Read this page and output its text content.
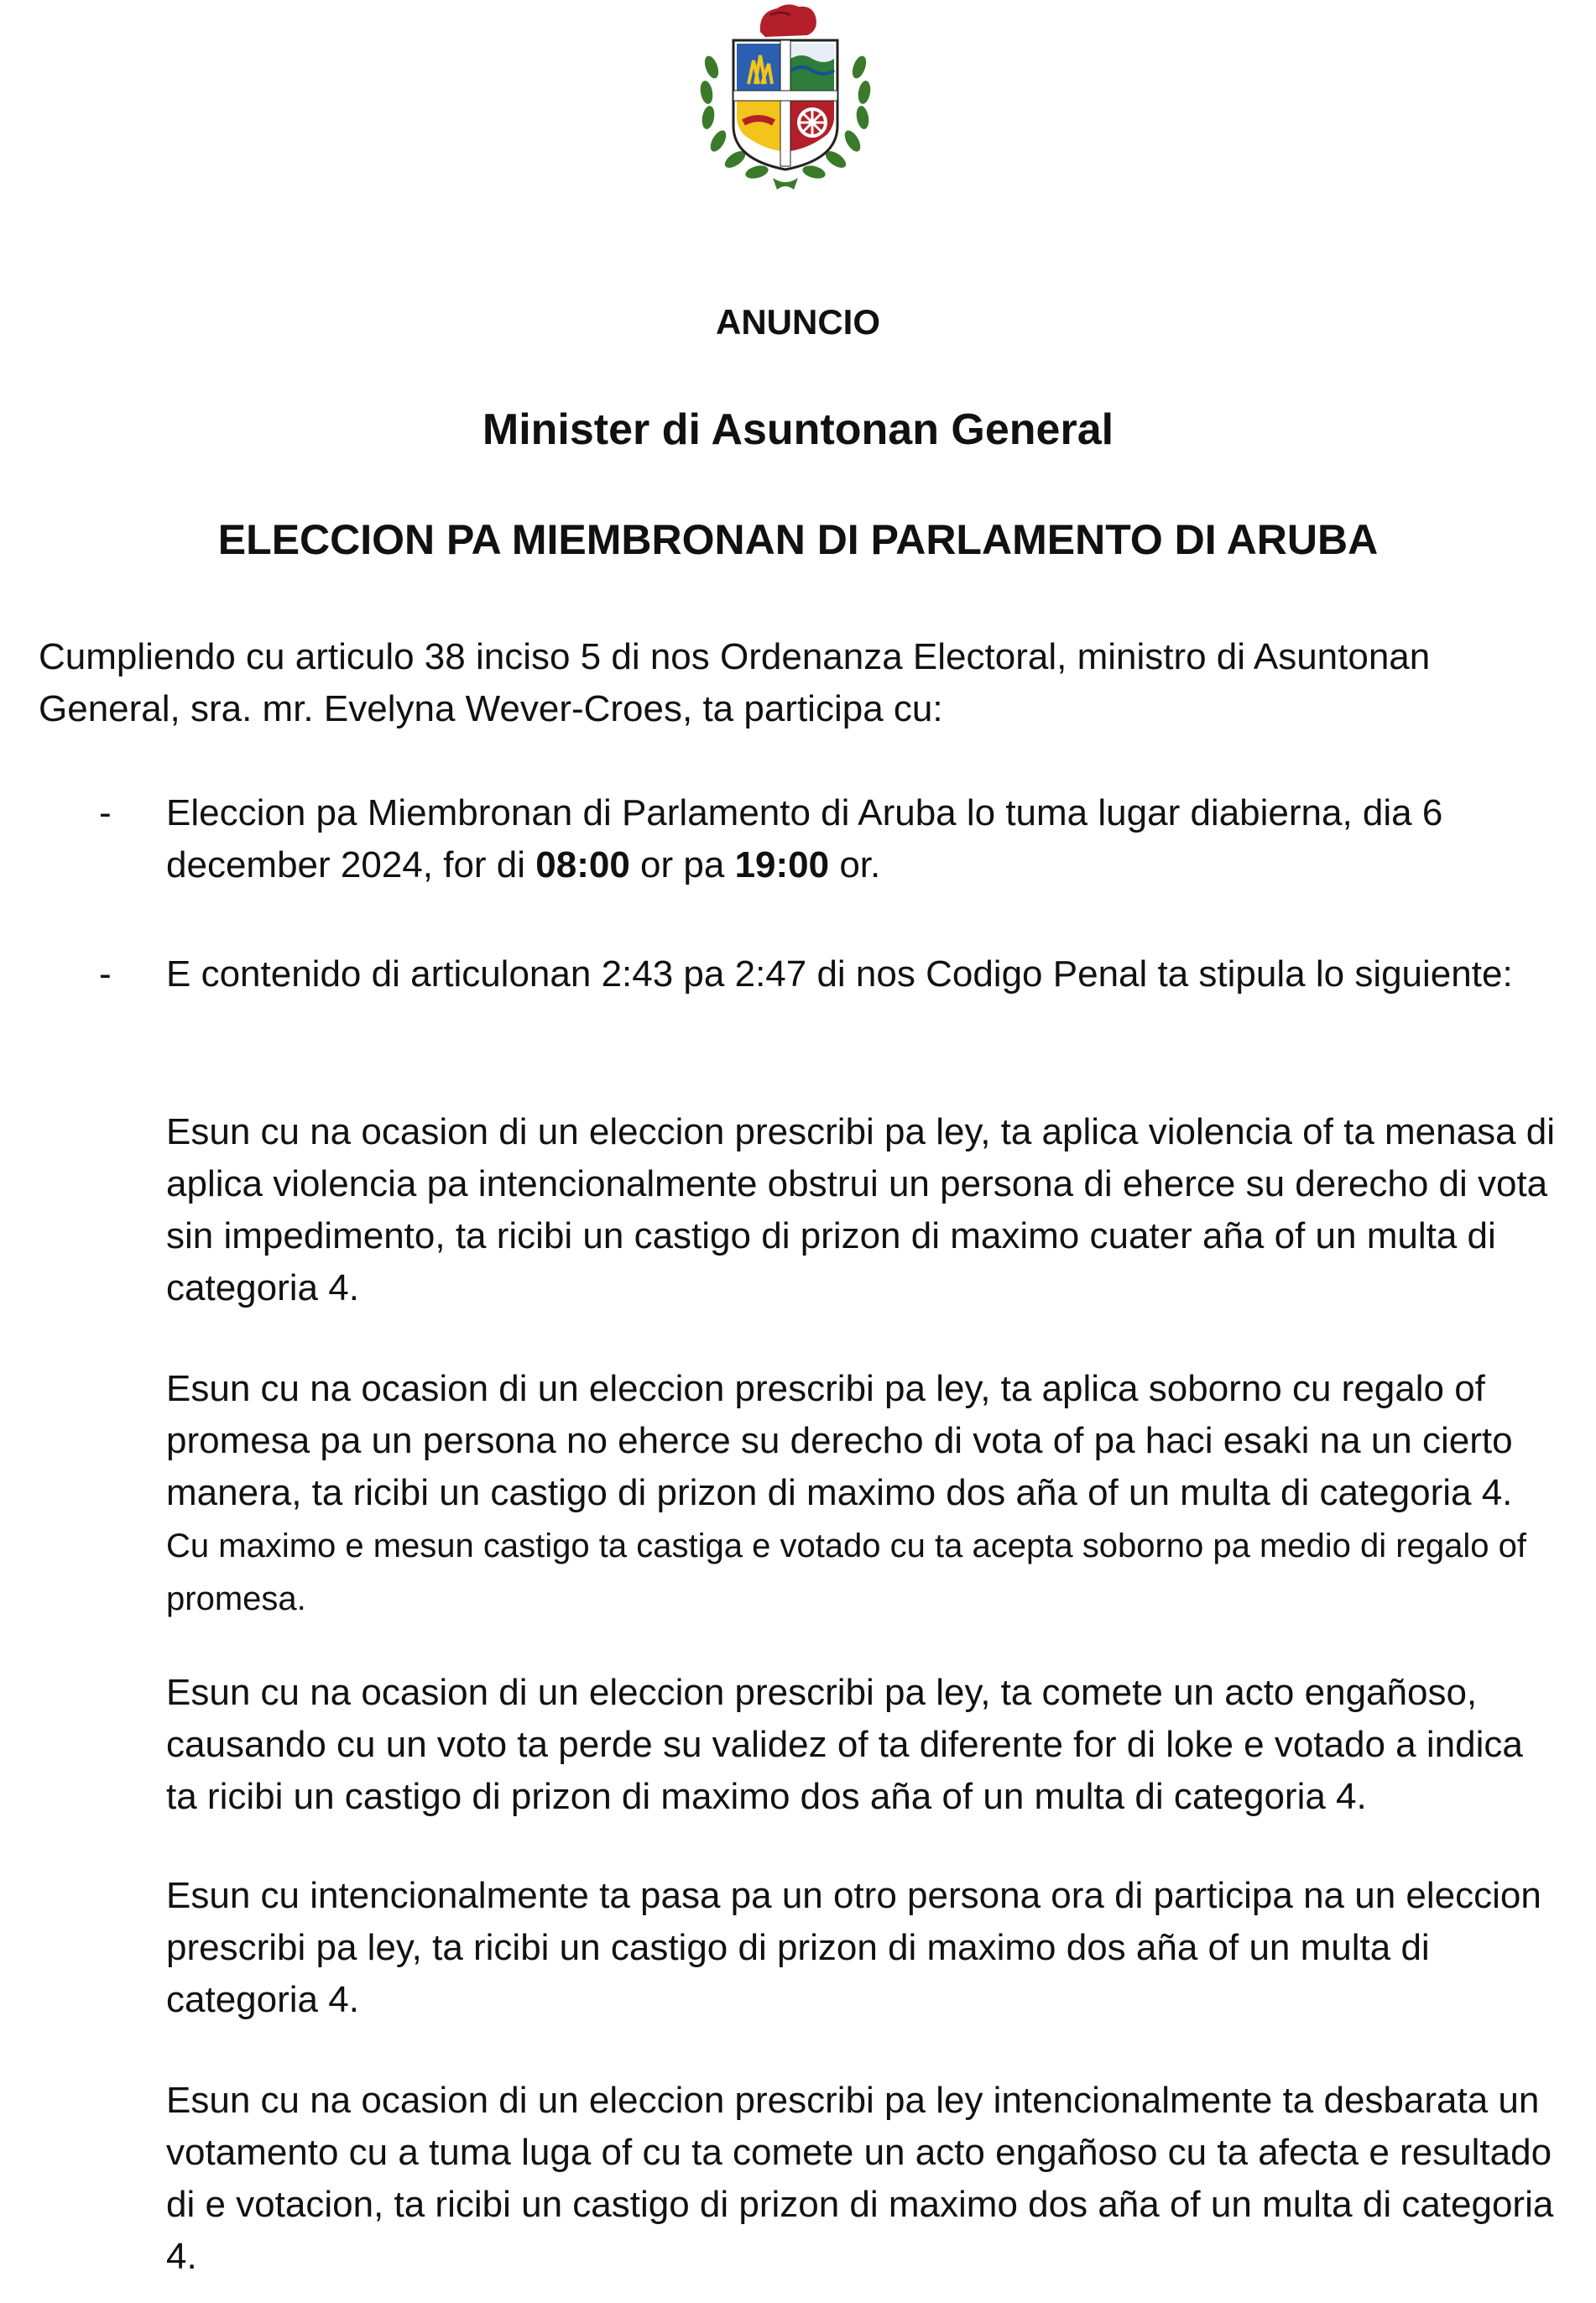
ANUNCIO
Minister di Asuntonan General
ELECCION PA MIEMBRONAN DI PARLAMENTO DI ARUBA

Cumpliendo cu articulo 38 inciso 5 di nos Ordenanza Electoral, ministro di Asuntonan General, sra. mr. Evelyna Wever-Croes, ta participa cu:

- Eleccion pa Miembronan di Parlamento di Aruba lo tuma lugar diabierna, dia 6 december 2024, for di 08:00 or pa 19:00 or.

- E contenido di articulonan 2:43 pa 2:47 di nos Codigo Penal ta stipula lo siguiente:

Esun cu na ocasion di un eleccion prescribi pa ley, ta aplica violencia of ta menasa di aplica violencia pa intencionalmente obstrui un persona di eherce su derecho di vota sin impedimento, ta ricibi un castigo di prizon di maximo cuater aña of un multa di categoria 4.

Esun cu na ocasion di un eleccion prescribi pa ley, ta aplica soborno cu regalo of promesa pa un persona no eherce su derecho di vota of pa haci esaki na un cierto manera, ta ricibi un castigo di prizon di maximo dos aña of un multa di categoria 4. Cu maximo e mesun castigo ta castiga e votado cu ta acepta soborno pa medio di regalo of promesa.

Esun cu na ocasion di un eleccion prescribi pa ley, ta comete un acto engañoso, causando cu un voto ta perde su validez of ta diferente for di loke e votado a indica ta ricibi un castigo di prizon di maximo dos aña of un multa di categoria 4.

Esun cu intencionalmente ta pasa pa un otro persona ora di participa na un eleccion prescribi pa ley, ta ricibi un castigo di prizon di maximo dos aña of un multa di categoria 4.

Esun cu na ocasion di un eleccion prescribi pa ley intencionalmente ta desbarata un votamento cu a tuma luga of cu ta comete un acto engañoso cu ta afecta e resultado di e votacion, ta ricibi un castigo di prizon di maximo dos aña of un multa di categoria 4.
